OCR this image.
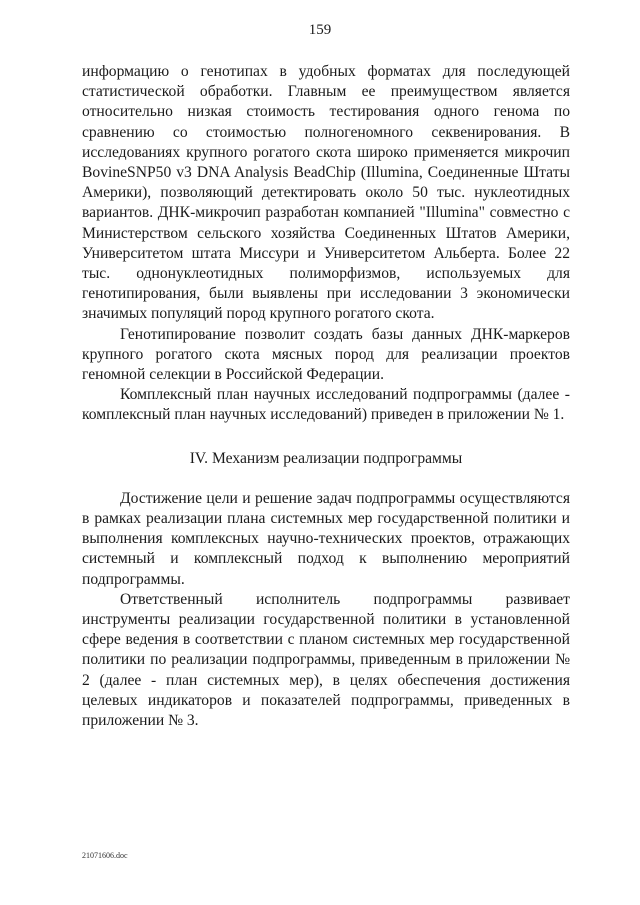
159

информацию о генотипах в удобных форматах для последующей статистической обработки. Главным ее преимуществом является относительно низкая стоимость тестирования одного генома по сравнению со стоимостью полногеномного секвенирования. В исследованиях крупного рогатого скота широко применяется микрочип BovineSNP50 v3 DNA Analysis BeadChip (Illumina, Соединенные Штаты Америки), позволяющий детектировать около 50 тыс. нуклеотидных вариантов. ДНК-микрочип разработан компанией "Illumina" совместно с Министерством сельского хозяйства Соединенных Штатов Америки, Университетом штата Миссури и Университетом Альберта. Более 22 тыс. однонуклеотидных полиморфизмов, используемых для генотипирования, были выявлены при исследовании 3 экономически значимых популяций пород крупного рогатого скота.

Генотипирование позволит создать базы данных ДНК-маркеров крупного рогатого скота мясных пород для реализации проектов геномной селекции в Российской Федерации.

Комплексный план научных исследований подпрограммы (далее - комплексный план научных исследований) приведен в приложении № 1.

IV. Механизм реализации подпрограммы

Достижение цели и решение задач подпрограммы осуществляются в рамках реализации плана системных мер государственной политики и выполнения комплексных научно-технических проектов, отражающих системный и комплексный подход к выполнению мероприятий подпрограммы.

Ответственный исполнитель подпрограммы развивает инструменты реализации государственной политики в установленной сфере ведения в соответствии с планом системных мер государственной политики по реализации подпрограммы, приведенным в приложении № 2 (далее - план системных мер), в целях обеспечения достижения целевых индикаторов и показателей подпрограммы, приведенных в приложении № 3.

21071606.doc
